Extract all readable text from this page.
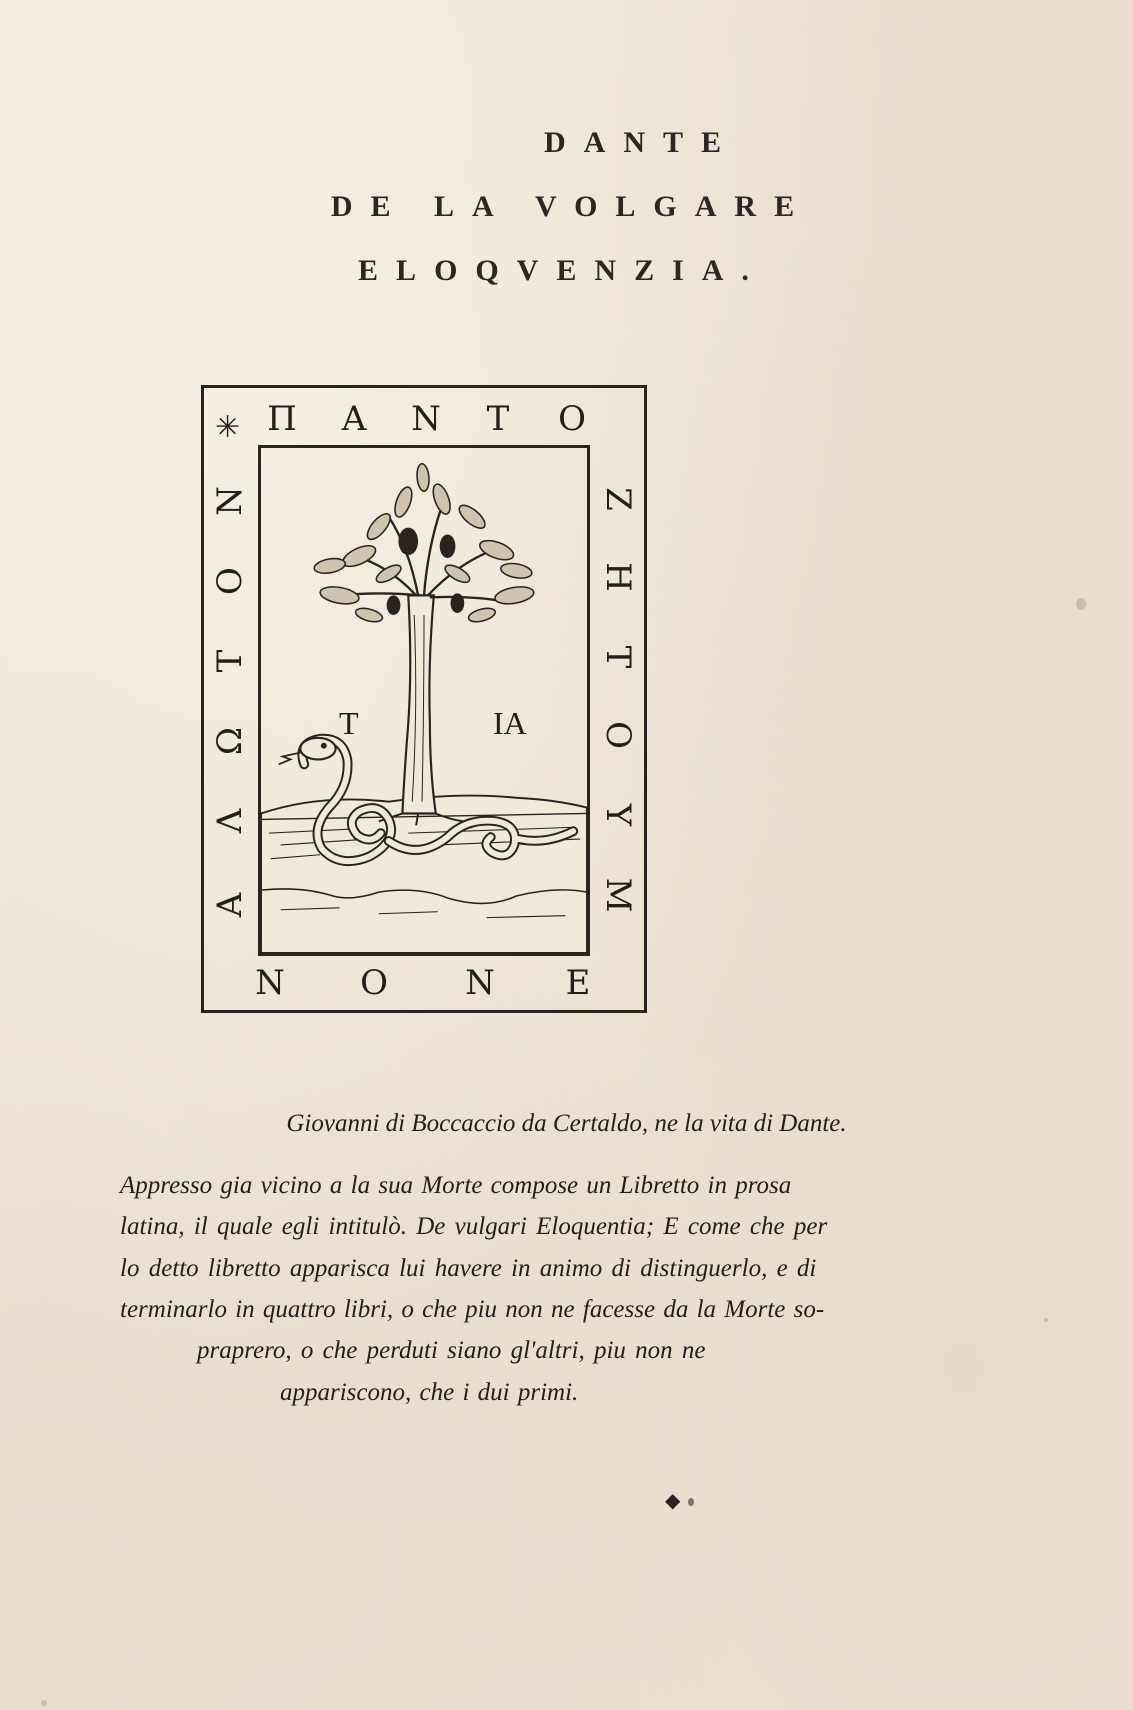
DANTE
DE LA VOLGARE
ELOQVENZIA.
✳ Π A N	T	O
Z
H
T
O
Y
M
N O N E
N
O
T
Ω
Λ
A
T	IA
Giovanni di Boccaccio da Certaldo, ne la vita di Dante.
Appresso gia vicino a la sua Morte compose un Libretto in prosa
latina, il quale egli intitulò. De vulgari Eloquentia; E come che per
lo detto libretto apparisca lui havere in animo di distinguerlo, e di
terminarlo in quattro libri, o che piu non ne facesse da la Morte so-
praprero, o che perduti siano gl'altri, piu non ne
appariscono, che i dui primi.
◆
